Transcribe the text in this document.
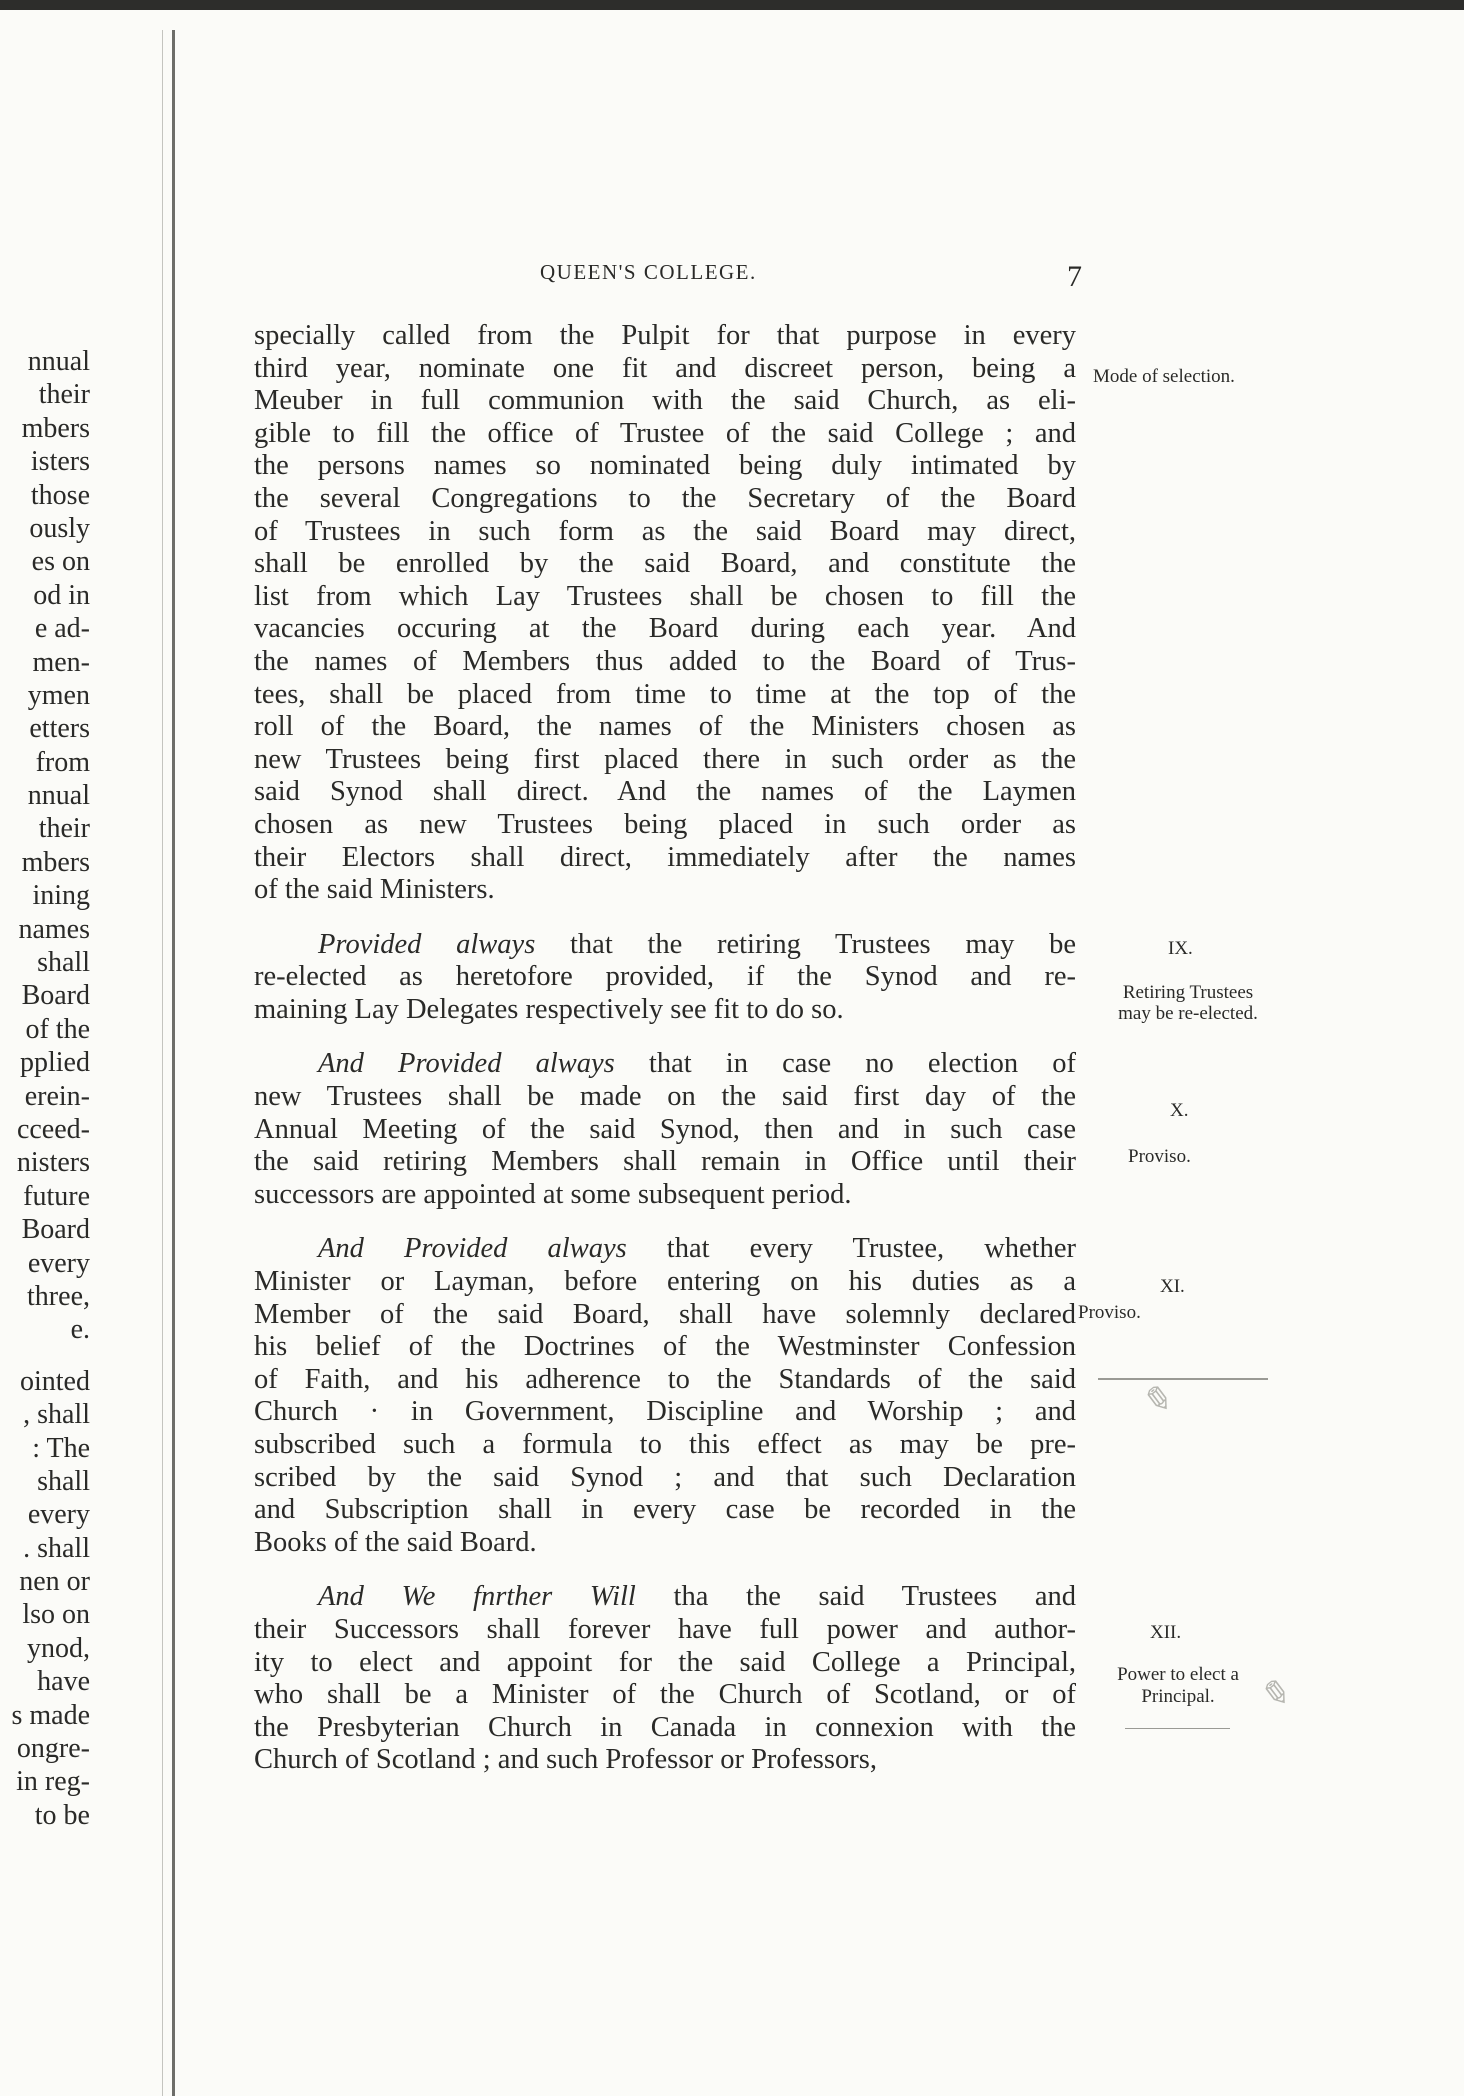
nnual
their
mbers
isters
those
ously
es on
od in
e ad-
men-
ymen
etters
from
nnual
their
mbers
ining
names
shall
Board
of the
pplied
erein-
cceed-
nisters
future
Board
every
three,
e.
ointed
, shall
: The
shall
every
. shall
nen or
lso on
ynod,
have
s made
ongre-
in reg-
to be
QUEEN'S COLLEGE.	7

specially called from the Pulpit for that purpose in every
third year, nominate one fit and discreet person, being a
Meuber in full communion with the said Church, as eli-
gible to fill the office of Trustee of the said College ; and
the persons names so nominated being duly intimated by
the several Congregations to the Secretary of the Board
of Trustees in such form as the said Board may direct,
shall be enrolled by the said Board, and constitute the
list from which Lay Trustees shall be chosen to fill the
vacancies occuring at the Board during each year. And
the names of Members thus added to the Board of Trus-
tees, shall be placed from time to time at the top of the
roll of the Board, the names of the Ministers chosen as
new Trustees being first placed there in such order as the
said Synod shall direct. And the names of the Laymen
chosen as new Trustees being placed in such order as
their Electors shall direct, immediately after the names
of the said Ministers.

Provided always that the retiring Trustees may be
re-elected as heretofore provided, if the Synod and re-
maining Lay Delegates respectively see fit to do so.

And Provided always that in case no election of
new Trustees shall be made on the said first day of the
Annual Meeting of the said Synod, then and in such case
the said retiring Members shall remain in Office until their
successors are appointed at some subsequent period.

And Provided always that every Trustee, whether
Minister or Layman, before entering on his duties as a
Member of the said Board, shall have solemnly declared
his belief of the Doctrines of the Westminster Confession
of Faith, and his adherence to the Standards of the said
Church · in Government, Discipline and Worship ; and
subscribed such a formula to this effect as may be pre-
scribed by the said Synod ; and that such Declaration
and Subscription shall in every case be recorded in the
Books of the said Board.

And We fnrther Will tha the said Trustees and
their Successors shall forever have full power and author-
ity to elect and appoint for the said College a Principal,
who shall be a Minister of the Church of Scotland, or of
the Presbyterian Church in Canada in connexion with the
Church of Scotland ; and such Professor or Professors,

Mode of selection.
IX.
Retiring Trustees
may be re-elected.
X.
Proviso.
XI.
Proviso.
✎
XII.
Power to elect a
Principal.	✎
